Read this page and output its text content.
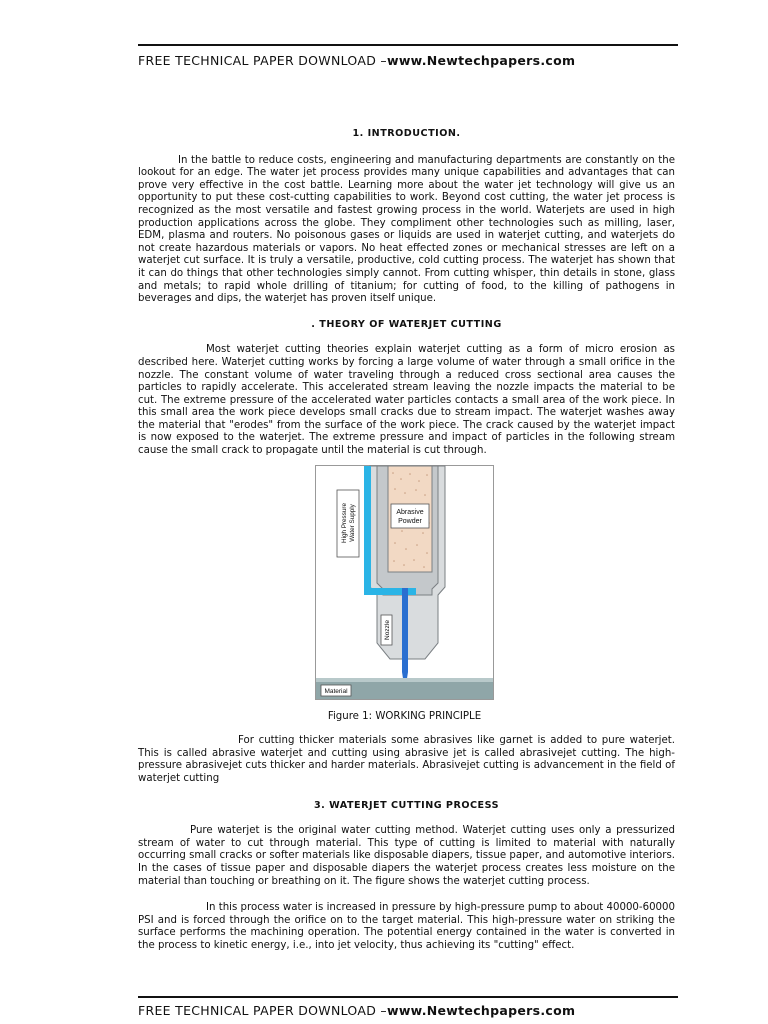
FREE TECHNICAL PAPER DOWNLOAD –www.Newtechpapers.com
1. INTRODUCTION.

In the battle to reduce costs, engineering and manufacturing departments are constantly on the lookout for an edge. The water jet process provides many unique capabilities and advantages that can prove very effective in the cost battle. Learning more about the water jet technology will give us an opportunity to put these cost-cutting capabilities to work. Beyond cost cutting, the water jet process is recognized as the most versatile and fastest growing process in the world. Waterjets are used in high production applications across the globe. They compliment other technologies such as milling, laser, EDM, plasma and routers. No poisonous gases or liquids are used in waterjet cutting, and waterjets do not create hazardous materials or vapors. No heat effected zones or mechanical stresses are left on a waterjet cut surface. It is truly a versatile, productive, cold cutting process. The waterjet has shown that it can do things that other technologies simply cannot. From cutting whisper, thin details in stone, glass and metals; to rapid whole drilling of titanium; for cutting of food, to the killing of pathogens in beverages and dips, the waterjet has proven itself unique.

. THEORY OF WATERJET CUTTING

Most waterjet cutting theories explain waterjet cutting as a form of micro erosion as described here. Waterjet cutting works by forcing a large volume of water through a small orifice in the nozzle. The constant volume of water traveling through a reduced cross sectional area causes the particles to rapidly accelerate. This accelerated stream leaving the nozzle impacts the material to be cut. The extreme pressure of the accelerated water particles contacts a small area of the work piece. In this small area the work piece develops small cracks due to stream impact. The waterjet washes away the material that "erodes" from the surface of the work piece. The crack caused by the waterjet impact is now exposed to the waterjet. The extreme pressure and impact of particles in the following stream cause the small crack to propagate until the material is cut through.

Abrasive
Powder
High Pressure Water Supply
Nozzle
Material

Figure 1: WORKING PRINCIPLE

For cutting thicker materials some abrasives like garnet is added to pure waterjet. This is called abrasive waterjet and cutting using abrasive jet is called abrasivejet cutting. The high-pressure abrasivejet cuts thicker and harder materials. Abrasivejet cutting is advancement in the field of waterjet cutting

3. WATERJET CUTTING PROCESS

Pure waterjet is the original water cutting method. Waterjet cutting uses only a pressurized stream of water to cut through material. This type of cutting is limited to material with naturally occurring small cracks or softer materials like disposable diapers, tissue paper, and automotive interiors. In the cases of tissue paper and disposable diapers the waterjet process creates less moisture on the material than touching or breathing on it. The figure shows the waterjet cutting process.

In this process water is increased in pressure by high-pressure pump to about 40000-60000 PSI and is forced through the orifice on to the target material. This high-pressure water on striking the surface performs the machining operation. The potential energy contained in the water is converted in the process to kinetic energy, i.e., into jet velocity, thus achieving its "cutting" effect.

FREE TECHNICAL PAPER DOWNLOAD –www.Newtechpapers.com
